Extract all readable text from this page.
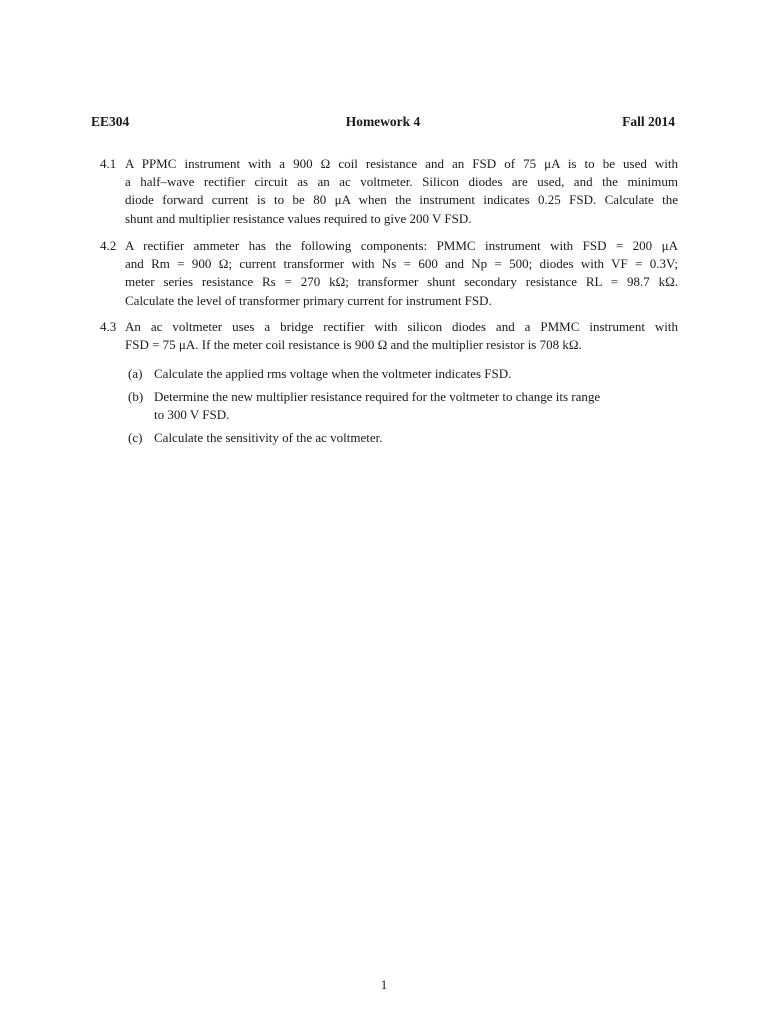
EE304	Homework 4	Fall 2014
4.1 A PPMC instrument with a 900 Ω coil resistance and an FSD of 75 μA is to be used with
a half–wave rectifier circuit as an ac voltmeter. Silicon diodes are used, and the minimum
diode forward current is to be 80 μA when the instrument indicates 0.25 FSD. Calculate the
shunt and multiplier resistance values required to give 200 V FSD.
4.2 A rectifier ammeter has the following components: PMMC instrument with FSD = 200 μA
and Rm = 900 Ω; current transformer with Ns = 600 and Np = 500; diodes with VF = 0.3V;
meter series resistance Rs = 270 kΩ; transformer shunt secondary resistance RL = 98.7 kΩ.
Calculate the level of transformer primary current for instrument FSD.
4.3 An ac voltmeter uses a bridge rectifier with silicon diodes and a PMMC instrument with
FSD = 75 μA. If the meter coil resistance is 900 Ω and the multiplier resistor is 708 kΩ.
(a) Calculate the applied rms voltage when the voltmeter indicates FSD.
(b) Determine the new multiplier resistance required for the voltmeter to change its range
to 300 V FSD.
(c) Calculate the sensitivity of the ac voltmeter.
1
